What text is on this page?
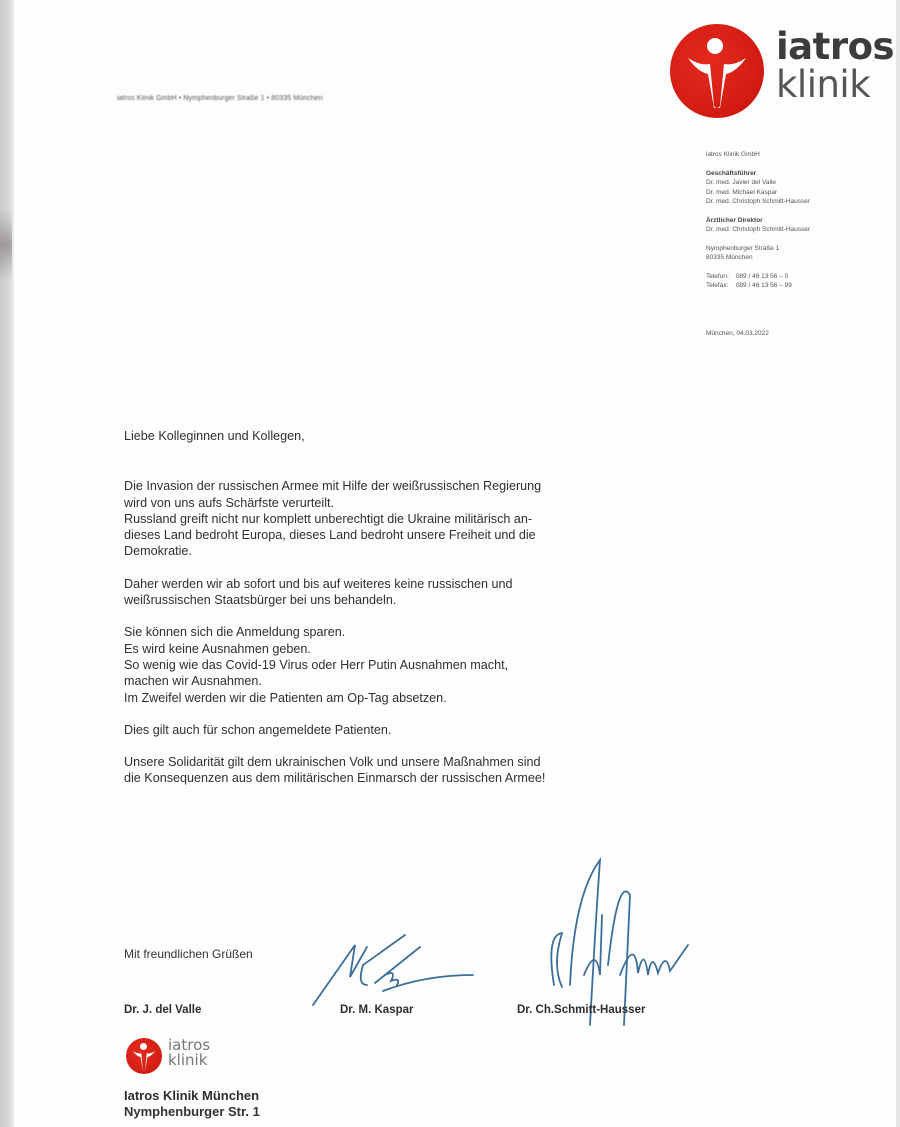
iatros Klinik GmbH • Nymphenburger Straße 1 • 80335 München
iatros
klinik
iatros Klinik GmbH
Geschäftsführer
Dr. med. Javier del Valle
Dr. med. Michael Kaspar
Dr. med. Christoph Schmitt-Hausser
Ärztlicher Direktor
Dr. med. Christoph Schmitt-Hausser
Nymphenburger Straße 1
80335 München
Telefon: 089 / 46 13 56 – 0
Telefax: 089 / 46 13 56 – 99
München, 04.03.2022

Liebe Kolleginnen und Kollegen,

Die Invasion der russischen Armee mit Hilfe der weißrussischen Regierung

wird von uns aufs Schärfste verurteilt.

Russland greift nicht nur komplett unberechtigt die Ukraine militärisch an-

dieses Land bedroht Europa, dieses Land bedroht unsere Freiheit und die

Demokratie.

Daher werden wir ab sofort und bis auf weiteres keine russischen und

weißrussischen Staatsbürger bei uns behandeln.

Sie können sich die Anmeldung sparen.

Es wird keine Ausnahmen geben.

So wenig wie das Covid-19 Virus oder Herr Putin Ausnahmen macht,

machen wir Ausnahmen.

Im Zweifel werden wir die Patienten am Op-Tag absetzen.

Dies gilt auch für schon angemeldete Patienten.

Unsere Solidarität gilt dem ukrainischen Volk und unsere Maßnahmen sind

die Konsequenzen aus dem militärischen Einmarsch der russischen Armee!

Mit freundlichen Grüßen
Dr. J. del Valle	Dr. M. Kaspar	Dr. Ch.Schmitt-Hausser
iatros
klinik
Iatros Klinik München
Nymphenburger Str. 1
